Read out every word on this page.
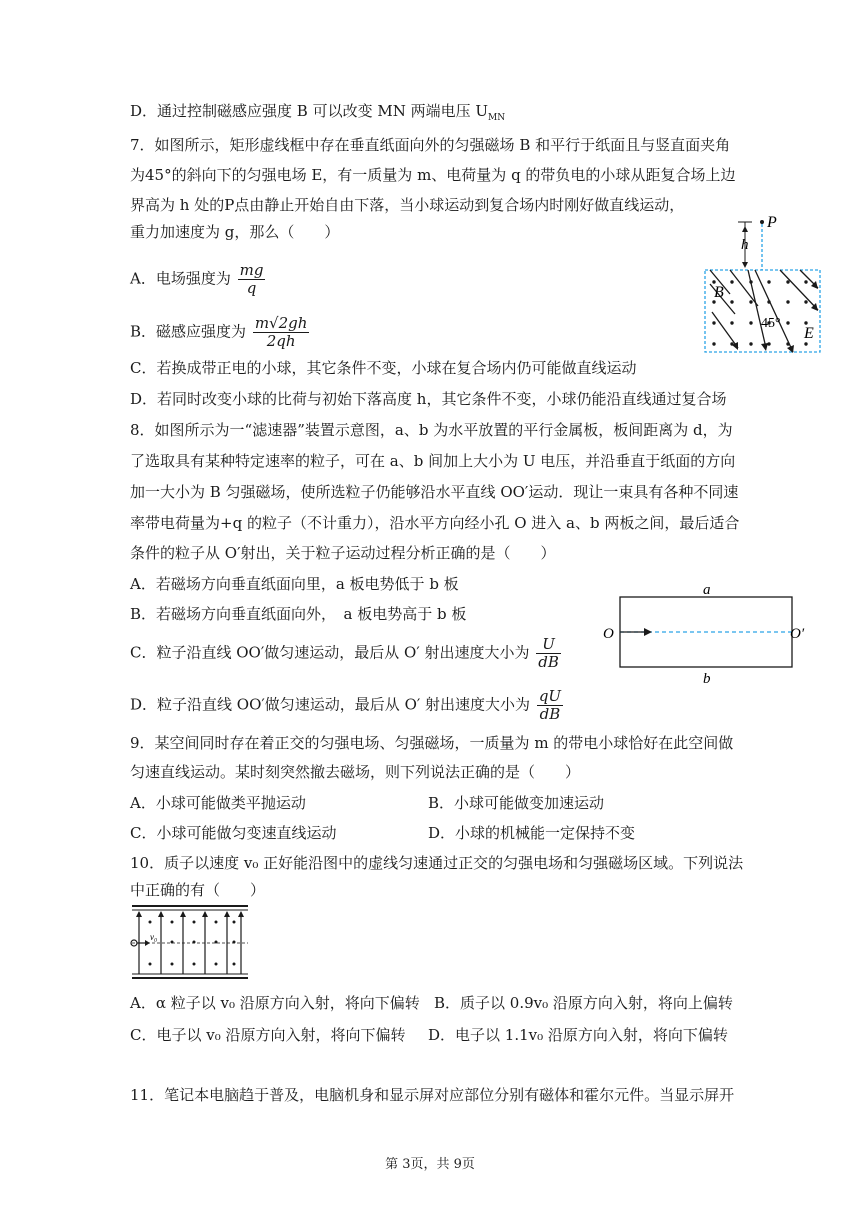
D．通过控制磁感应强度 B 可以改变 MN 两端电压 $U_{MN}$
7．如图所示，矩形虚线框中存在垂直纸面向外的匀强磁场 B 和平行于纸面且与竖直面夹角
为45°的斜向下的匀强电场 E，有一质量为 m、电荷量为 q 的带负电的小球从距复合场上边
界高为 h 处的P点由静止开始自由下落，当小球运动到复合场内时刚好做直线运动，
重力加速度为 g，那么（　　）
A．电场强度为 $\frac{mg}{q}$
B．磁感应强度为 $\frac{m√2gh}{2qh}$
C．若换成带正电的小球，其它条件不变，小球在复合场内仍可能做直线运动
D．若同时改变小球的比荷与初始下落高度 h，其它条件不变，小球仍能沿直线通过复合场
h
P
B
45°
E
8．如图所示为一“滤速器”装置示意图，a、b 为水平放置的平行金属板，板间距离为 d，为
了选取具有某种特定速率的粒子，可在 a、b 间加上大小为 U 电压，并沿垂直于纸面的方向
加一大小为 B 匀强磁场，使所选粒子仍能够沿水平直线 OO′运动．现让一束具有各种不同速
率带电荷量为+q 的粒子（不计重力），沿水平方向经小孔 O 进入 a、b 两板之间，最后适合
条件的粒子从 O′射出，关于粒子运动过程分析正确的是（　　）
A．若磁场方向垂直纸面向里，a 板电势低于 b 板
B．若磁场方向垂直纸面向外，　a 板电势高于 b 板
C．粒子沿直线 OO′做匀速运动，最后从 O′ 射出速度大小为 $\frac{U}{dB}$
D．粒子沿直线 OO′做匀速运动，最后从 O′ 射出速度大小为 $\frac{qU}{dB}$
a
O	O′
b
9．某空间同时存在着正交的匀强电场、匀强磁场，一质量为 m 的带电小球恰好在此空间做
匀速直线运动。某时刻突然撤去磁场，则下列说法正确的是（　　）
A．小球可能做类平抛运动	B．小球可能做变加速运动
C．小球可能做匀变速直线运动	D．小球的机械能一定保持不变
10．质子以速度 v₀ 正好能沿图中的虚线匀速通过正交的匀强电场和匀强磁场区域。下列说法
中正确的有（　　）
v₀
A．α 粒子以 v₀ 沿原方向入射，将向下偏转 B．质子以 0.9v₀ 沿原方向入射，将向上偏转
C．电子以 v₀ 沿原方向入射，将向下偏转 D．电子以 1.1v₀ 沿原方向入射，将向下偏转
11．笔记本电脑趋于普及，电脑机身和显示屏对应部位分别有磁体和霍尔元件。当显示屏开
第 3页，共 9页
